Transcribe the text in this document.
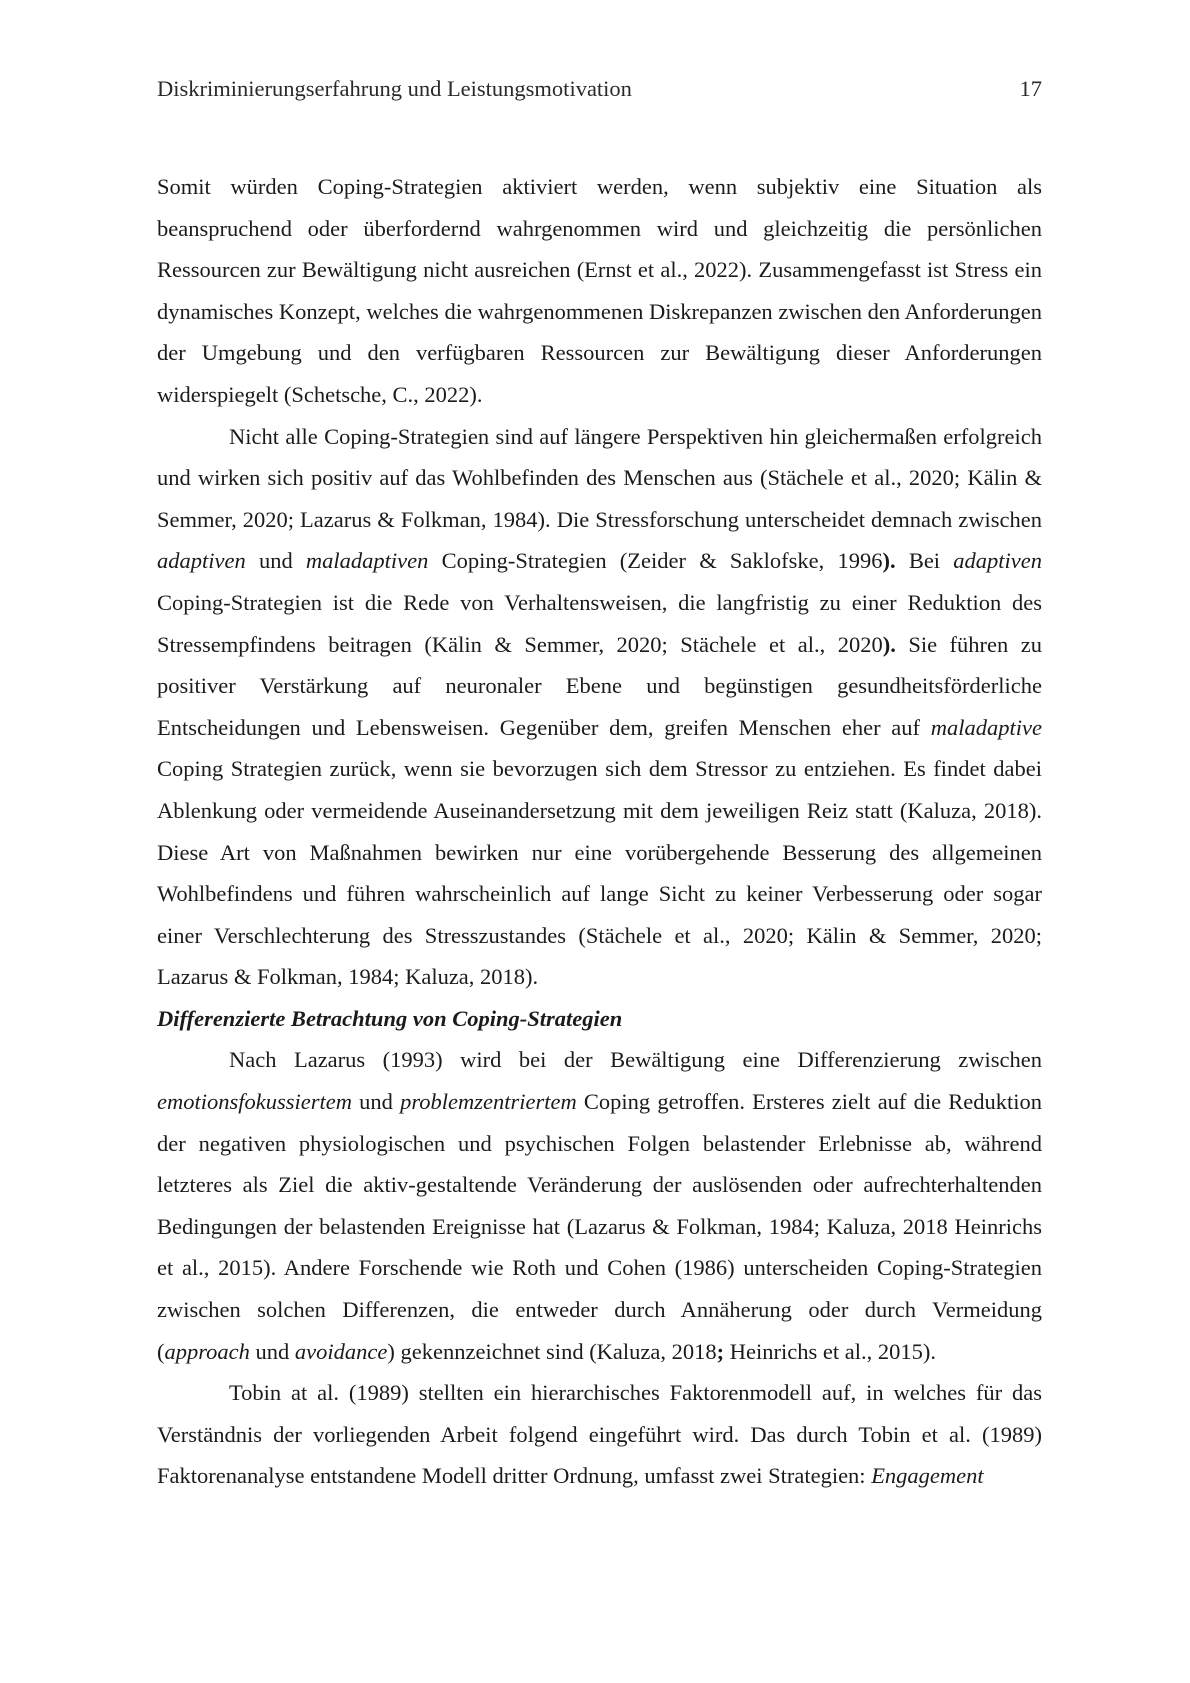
Diskriminierungserfahrung und Leistungsmotivation	17

Somit würden Coping-Strategien aktiviert werden, wenn subjektiv eine Situation als beanspruchend oder überfordernd wahrgenommen wird und gleichzeitig die persönlichen Ressourcen zur Bewältigung nicht ausreichen (Ernst et al., 2022). Zusammengefasst ist Stress ein dynamisches Konzept, welches die wahrgenommenen Diskrepanzen zwischen den Anforderungen der Umgebung und den verfügbaren Ressourcen zur Bewältigung dieser Anforderungen widerspiegelt (Schetsche, C., 2022).

Nicht alle Coping-Strategien sind auf längere Perspektiven hin gleichermaßen erfolgreich und wirken sich positiv auf das Wohlbefinden des Menschen aus (Stächele et al., 2020; Kälin & Semmer, 2020; Lazarus & Folkman, 1984). Die Stressforschung unterscheidet demnach zwischen adaptiven und maladaptiven Coping-Strategien (Zeider & Saklofske, 1996). Bei adaptiven Coping-Strategien ist die Rede von Verhaltensweisen, die langfristig zu einer Reduktion des Stressempfindens beitragen (Kälin & Semmer, 2020; Stächele et al., 2020). Sie führen zu positiver Verstärkung auf neuronaler Ebene und begünstigen gesundheitsförderliche Entscheidungen und Lebensweisen. Gegenüber dem, greifen Menschen eher auf maladaptive Coping Strategien zurück, wenn sie bevorzugen sich dem Stressor zu entziehen. Es findet dabei Ablenkung oder vermeidende Auseinandersetzung mit dem jeweiligen Reiz statt (Kaluza, 2018). Diese Art von Maßnahmen bewirken nur eine vorübergehende Besserung des allgemeinen Wohlbefindens und führen wahrscheinlich auf lange Sicht zu keiner Verbesserung oder sogar einer Verschlechterung des Stresszustandes (Stächele et al., 2020; Kälin & Semmer, 2020; Lazarus & Folkman, 1984; Kaluza, 2018).

Differenzierte Betrachtung von Coping-Strategien

Nach Lazarus (1993) wird bei der Bewältigung eine Differenzierung zwischen emotionsfokussiertem und problemzentriertem Coping getroffen. Ersteres zielt auf die Reduktion der negativen physiologischen und psychischen Folgen belastender Erlebnisse ab, während letzteres als Ziel die aktiv-gestaltende Veränderung der auslösenden oder aufrechterhaltenden Bedingungen der belastenden Ereignisse hat (Lazarus & Folkman, 1984; Kaluza, 2018 Heinrichs et al., 2015). Andere Forschende wie Roth und Cohen (1986) unterscheiden Coping-Strategien zwischen solchen Differenzen, die entweder durch Annäherung oder durch Vermeidung (approach und avoidance) gekennzeichnet sind (Kaluza, 2018; Heinrichs et al., 2015).

Tobin at al. (1989) stellten ein hierarchisches Faktorenmodell auf, in welches für das Verständnis der vorliegenden Arbeit folgend eingeführt wird. Das durch Tobin et al. (1989) Faktorenanalyse entstandene Modell dritter Ordnung, umfasst zwei Strategien: Engagement
